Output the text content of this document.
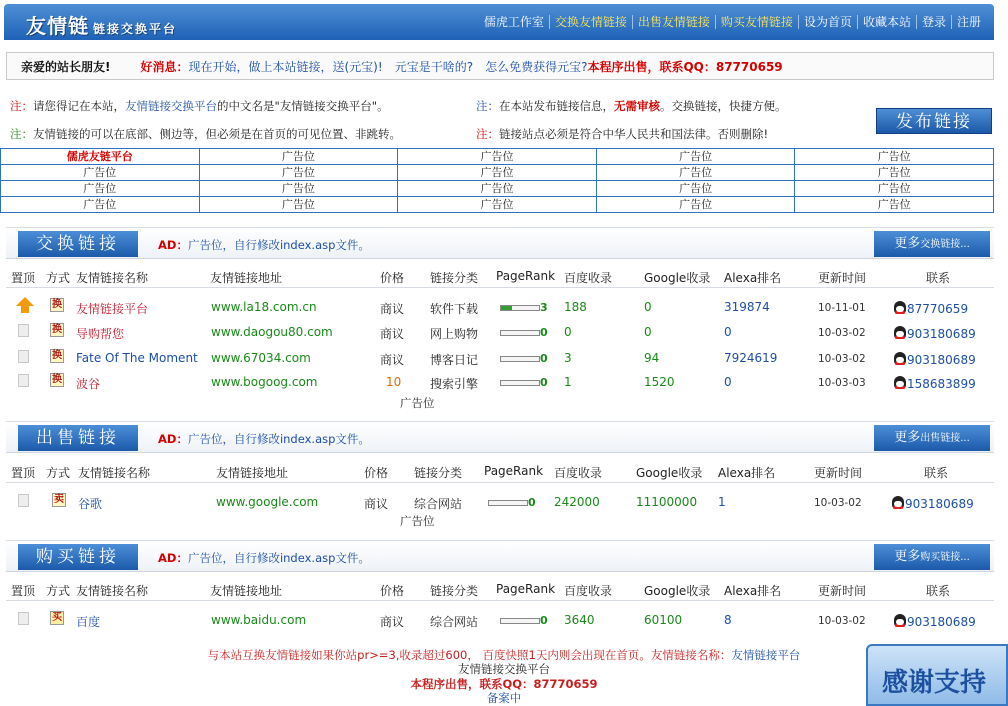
友情链 链接交换平台	儒虎工作室 交换友情链接 出售友情链接 购买友情链接 设为首页 收藏本站 登录 注册
亲爱的站长朋友!	好消息： 现在开始，做上本站链接，送(元宝)! 元宝是干啥的? 怎么免费获得元宝? 本程序出售，联系QQ：87770659
注：请您得记在本站，友情链接交换平台的中文名是"友情链接交换平台"。
注：友情链接的可以在底部、侧边等，但必须是在首页的可见位置、非跳转。
注：在本站发布链接信息，无需审核。交换链接，快捷方便。
注：链接站点必须是符合中华人民共和国法律。否则删除!
发布链接
儒虎友链平台	广告位	广告位	广告位	广告位
广告位	广告位	广告位	广告位	广告位
广告位	广告位	广告位	广告位	广告位
广告位	广告位	广告位	广告位	广告位
交换链接	AD：广告位，自行修改index.asp文件。	更多交换链接...
置顶 方式 友情链接名称	友情链接地址	价格 链接分类 PageRank 百度收录	Google收录 Alexa排名	更新时间	联系
换 友情链接平台	www.la18.com.cn	商议 软件下载	3 188	0	319874	10-11-01	87770659
换 导购帮您	www.daogou80.com	商议 网上购物	0 0	0	0	10-03-02	903180689
换 Fate Of The Moment www.67034.com	商议 博客日记	0 3	94	7924619	10-03-02	903180689
换 波谷	www.bogoog.com	10 搜索引擎	0 1	1520	0	10-03-03	158683899
广告位
出售链接	AD：广告位，自行修改index.asp文件。	更多出售链接...
置顶 方式 友情链接名称	友情链接地址	价格 链接分类 PageRank 百度收录	Google收录 Alexa排名	更新时间	联系
卖 谷歌	www.google.com	商议 综合网站	0 242000	11100000 1	10-03-02	903180689
广告位
购买链接	AD：广告位，自行修改index.asp文件。	更多购买链接...
置顶 方式 友情链接名称	友情链接地址	价格 链接分类 PageRank 百度收录	Google收录 Alexa排名	更新时间	联系
买 百度	www.baidu.com	商议 综合网站	0 3640	60100	8	10-03-02	903180689
与本站互换友情链接如果你站pr>=3,收录超过600， 百度快照1天内则会出现在首页。友情链接名称：友情链接平台
友情链接交换平台
本程序出售，联系QQ：87770659
备案中	感谢支持
